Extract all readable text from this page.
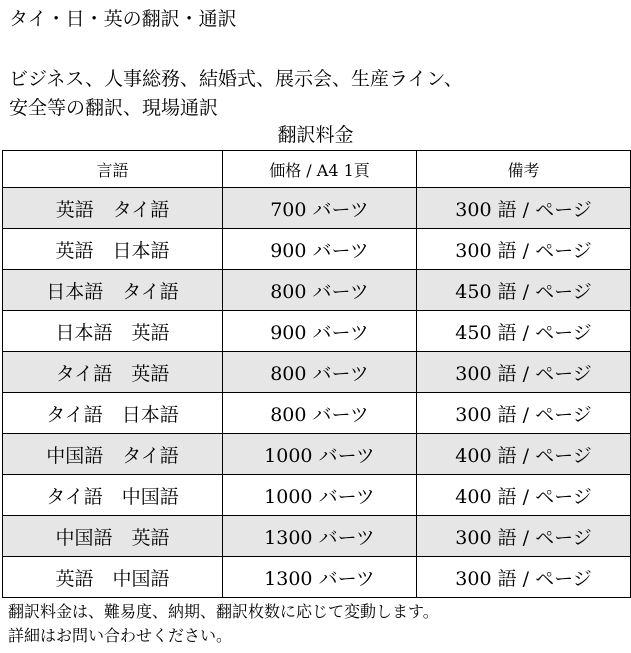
タイ・日・英の翻訳・通訳
ビジネス、人事総務、結婚式、展示会、生産ライン、
安全等の翻訳、現場通訳
翻訳料金
言語	価格 / A4 1頁	備考
英語　タイ語	700 バーツ	300 語 / ページ
英語　日本語	900 バーツ	300 語 / ページ
日本語　タイ語	800 バーツ	450 語 / ページ
日本語　英語	900 バーツ	450 語 / ページ
タイ語　英語	800 バーツ	300 語 / ページ
タイ語　日本語	800 バーツ	300 語 / ページ
中国語　タイ語	1000 バーツ	400 語 / ページ
タイ語　中国語	1000 バーツ	400 語 / ページ
中国語　英語	1300 バーツ	300 語 / ページ
英語　中国語	1300 バーツ	300 語 / ページ
翻訳料金は、難易度、納期、翻訳枚数に応じて変動します。
詳細はお問い合わせください。
